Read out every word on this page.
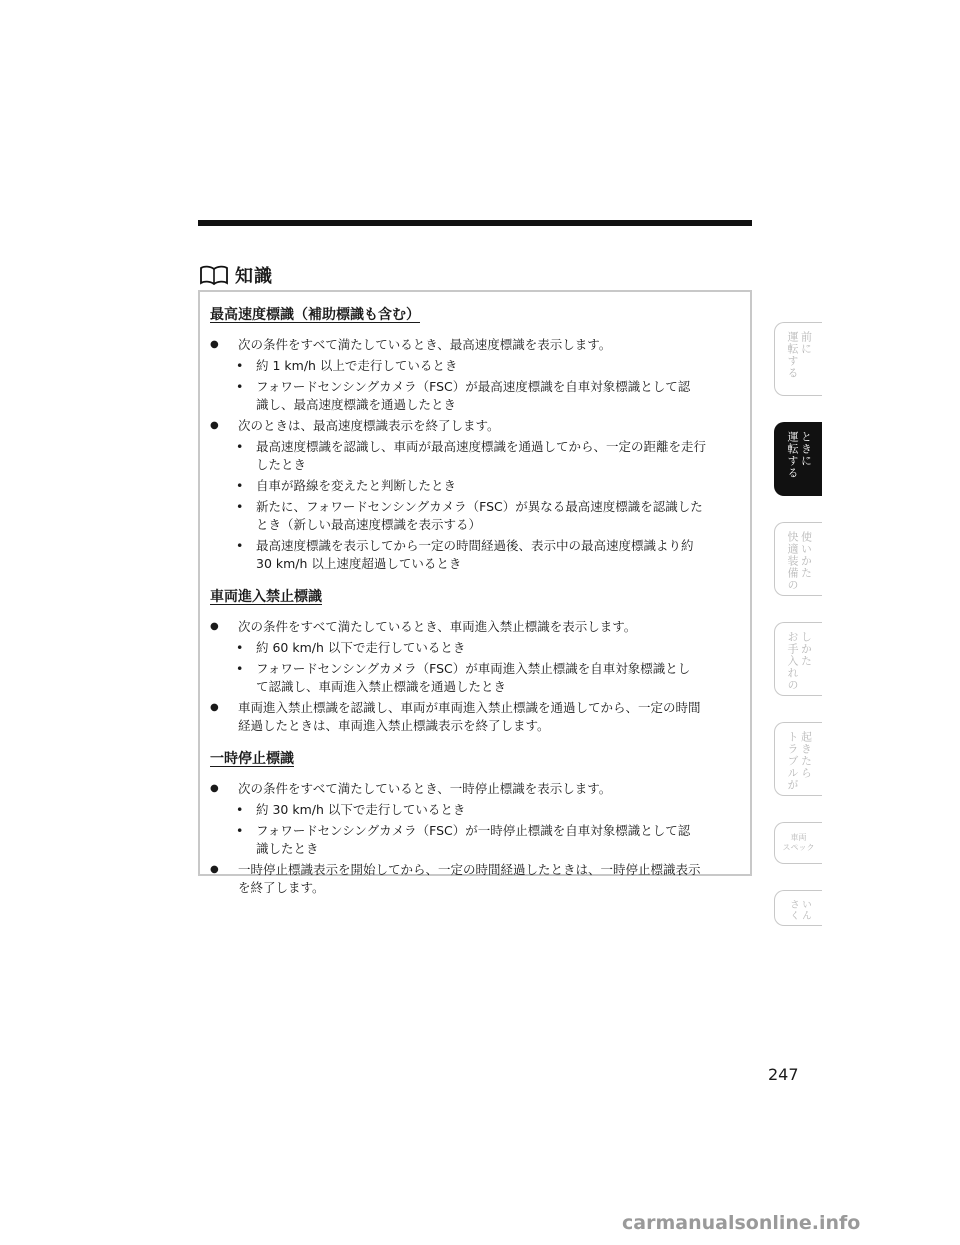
知識
最高速度標識（補助標識も含む）
● 次の条件をすべて満たしているとき、最高速度標識を表示します。
• 約 1 km/h 以上で走行しているとき
• フォワードセンシングカメラ（FSC）が最高速度標識を自車対象標識として認
識し、最高速度標識を通過したとき
● 次のときは、最高速度標識表示を終了します。
• 最高速度標識を認識し、車両が最高速度標識を通過してから、一定の距離を走行
したとき
• 自車が路線を変えたと判断したとき
• 新たに、フォワードセンシングカメラ（FSC）が異なる最高速度標識を認識した
とき（新しい最高速度標識を表示する）
• 最高速度標識を表示してから一定の時間経過後、表示中の最高速度標識より約
30 km/h 以上速度超過しているとき
車両進入禁止標識
● 次の条件をすべて満たしているとき、車両進入禁止標識を表示します。
• 約 60 km/h 以下で走行しているとき
• フォワードセンシングカメラ（FSC）が車両進入禁止標識を自車対象標識とし
て認識し、車両進入禁止標識を通過したとき
● 車両進入禁止標識を認識し、車両が車両進入禁止標識を通過してから、一定の時間
経過したときは、車両進入禁止標識表示を終了します。
一時停止標識
● 次の条件をすべて満たしているとき、一時停止標識を表示します。
• 約 30 km/h 以下で走行しているとき
• フォワードセンシングカメラ（FSC）が一時停止標識を自車対象標識として認
識したとき
● 一時停止標識表示を開始してから、一定の時間経過したときは、一時停止標識表示
を終了します。
運転する 前に
運転する ときに
快適装備の 使いかた
お手入れの しかた
トラブルが 起きたら
車両
スペック
さく いん
247
carmanualsonline.info
